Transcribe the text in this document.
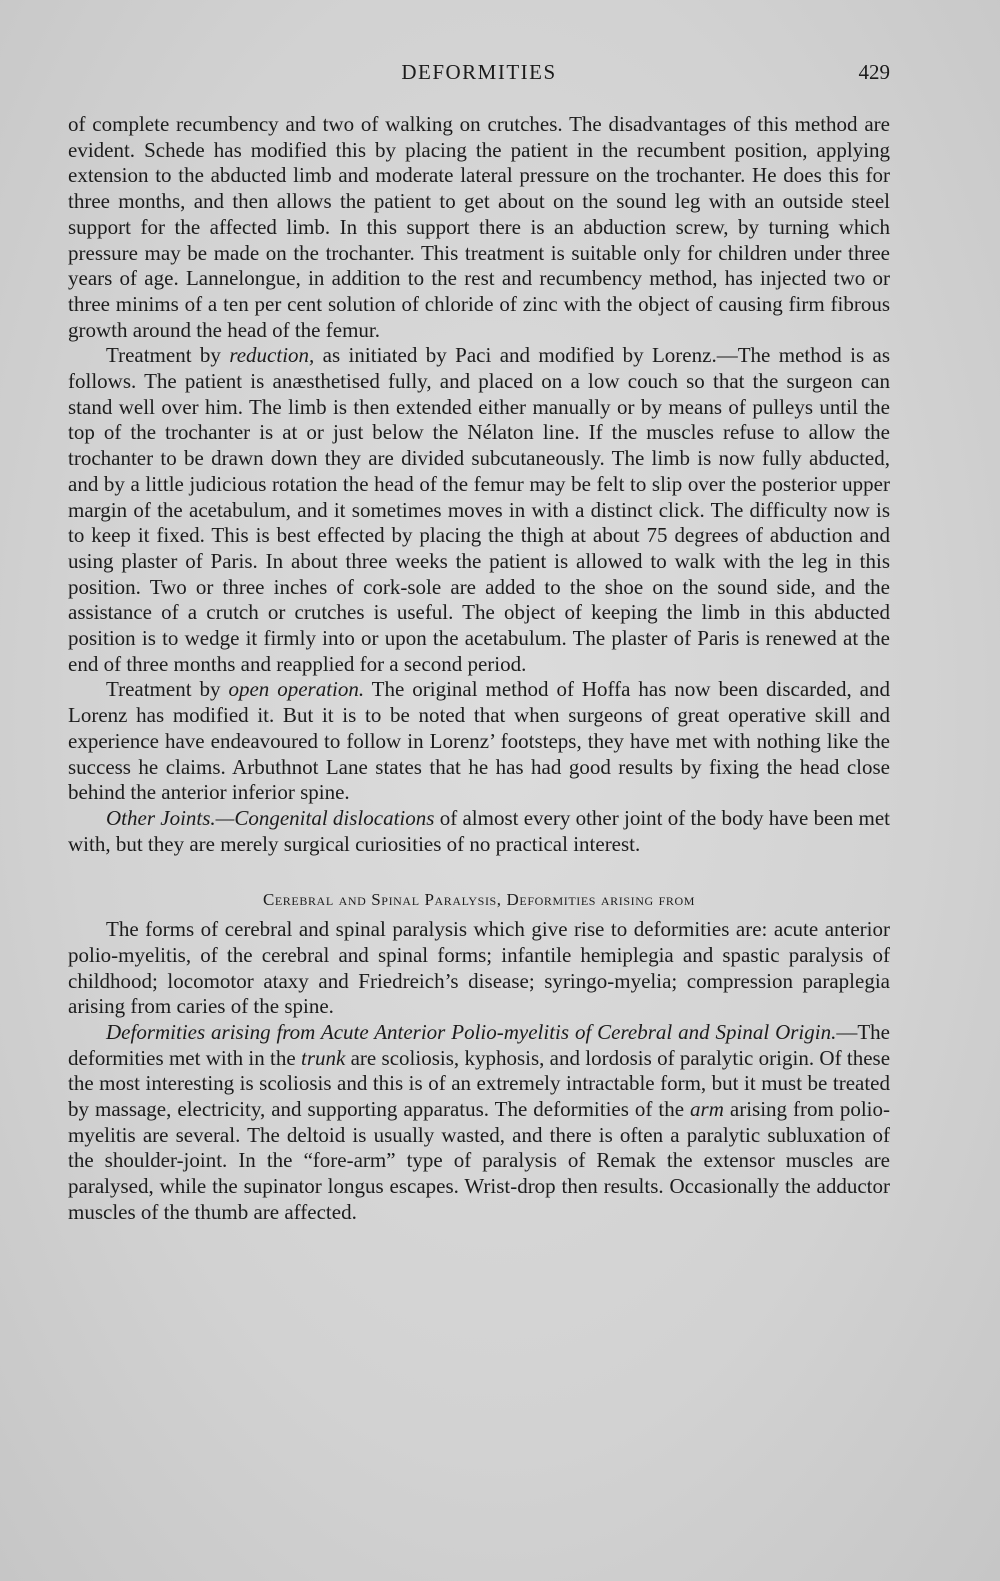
DEFORMITIES	429

of complete recumbency and two of walking on crutches. The disadvantages of this method are evident. Schede has modified this by placing the patient in the recumbent position, applying extension to the abducted limb and moderate lateral pressure on the trochanter. He does this for three months, and then allows the patient to get about on the sound leg with an outside steel support for the affected limb. In this support there is an abduction screw, by turning which pressure may be made on the trochanter. This treatment is suitable only for children under three years of age. Lannelongue, in addition to the rest and recumbency method, has injected two or three minims of a ten per cent solution of chloride of zinc with the object of causing firm fibrous growth around the head of the femur.

Treatment by reduction, as initiated by Paci and modified by Lorenz.—The method is as follows. The patient is anæsthetised fully, and placed on a low couch so that the surgeon can stand well over him. The limb is then extended either manually or by means of pulleys until the top of the trochanter is at or just below the Nélaton line. If the muscles refuse to allow the trochanter to be drawn down they are divided subcutaneously. The limb is now fully abducted, and by a little judicious rotation the head of the femur may be felt to slip over the posterior upper margin of the acetabulum, and it sometimes moves in with a distinct click. The difficulty now is to keep it fixed. This is best effected by placing the thigh at about 75 degrees of abduction and using plaster of Paris. In about three weeks the patient is allowed to walk with the leg in this position. Two or three inches of cork-sole are added to the shoe on the sound side, and the assistance of a crutch or crutches is useful. The object of keeping the limb in this abducted position is to wedge it firmly into or upon the acetabulum. The plaster of Paris is renewed at the end of three months and reapplied for a second period.

Treatment by open operation. The original method of Hoffa has now been discarded, and Lorenz has modified it. But it is to be noted that when surgeons of great operative skill and experience have endeavoured to follow in Lorenz’ footsteps, they have met with nothing like the success he claims. Arbuthnot Lane states that he has had good results by fixing the head close behind the anterior inferior spine.

Other Joints.—Congenital dislocations of almost every other joint of the body have been met with, but they are merely surgical curiosities of no practical interest.

Cerebral and Spinal Paralysis, Deformities arising from

The forms of cerebral and spinal paralysis which give rise to deformities are: acute anterior polio-myelitis, of the cerebral and spinal forms; infantile hemiplegia and spastic paralysis of childhood; locomotor ataxy and Friedreich’s disease; syringo-myelia; compression paraplegia arising from caries of the spine.

Deformities arising from Acute Anterior Polio-myelitis of Cerebral and Spinal Origin.—The deformities met with in the trunk are scoliosis, kyphosis, and lordosis of paralytic origin. Of these the most interesting is scoliosis and this is of an extremely intractable form, but it must be treated by massage, electricity, and supporting apparatus. The deformities of the arm arising from polio-myelitis are several. The deltoid is usually wasted, and there is often a paralytic subluxation of the shoulder-joint. In the “fore-arm” type of paralysis of Remak the extensor muscles are paralysed, while the supinator longus escapes. Wrist-drop then results. Occasionally the adductor muscles of the thumb are affected.
